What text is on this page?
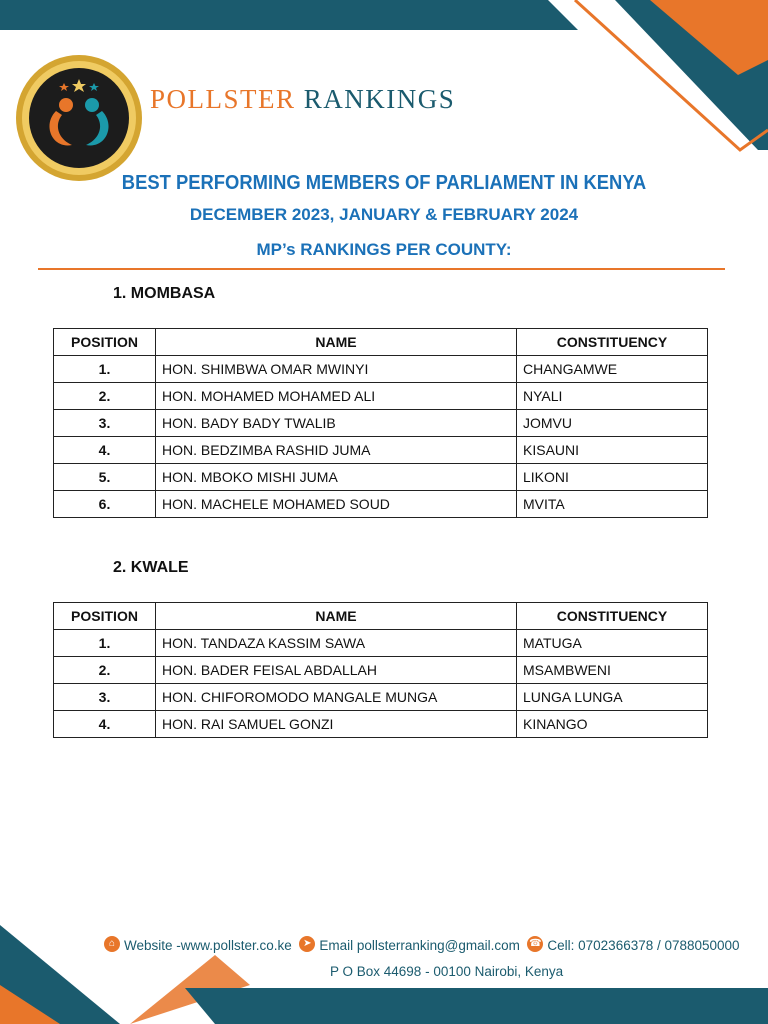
POLLSTER RANKINGS
BEST PERFORMING MEMBERS OF PARLIAMENT IN KENYA
DECEMBER 2023, JANUARY & FEBRUARY 2024
MP’s RANKINGS PER COUNTY:
1. MOMBASA
POSITION	NAME	CONSTITUENCY
1.	HON. SHIMBWA OMAR MWINYI	CHANGAMWE
2.	HON. MOHAMED MOHAMED ALI	NYALI
3.	HON. BADY BADY TWALIB	JOMVU
4.	HON. BEDZIMBA RASHID JUMA	KISAUNI
5.	HON. MBOKO MISHI JUMA	LIKONI
6.	HON. MACHELE MOHAMED SOUD	MVITA
2. KWALE
POSITION	NAME	CONSTITUENCY
1.	HON. TANDAZA KASSIM SAWA	MATUGA
2.	HON. BADER FEISAL ABDALLAH	MSAMBWENI
3.	HON. CHIFOROMODO MANGALE MUNGA	LUNGA LUNGA
4.	HON. RAI SAMUEL GONZI	KINANGO
⌂ Website -www.pollster.co.ke ➤ Email pollsterranking@gmail.com ☎ Cell: 0702366378 / 0788050000
P O Box 44698 - 00100 Nairobi, Kenya
